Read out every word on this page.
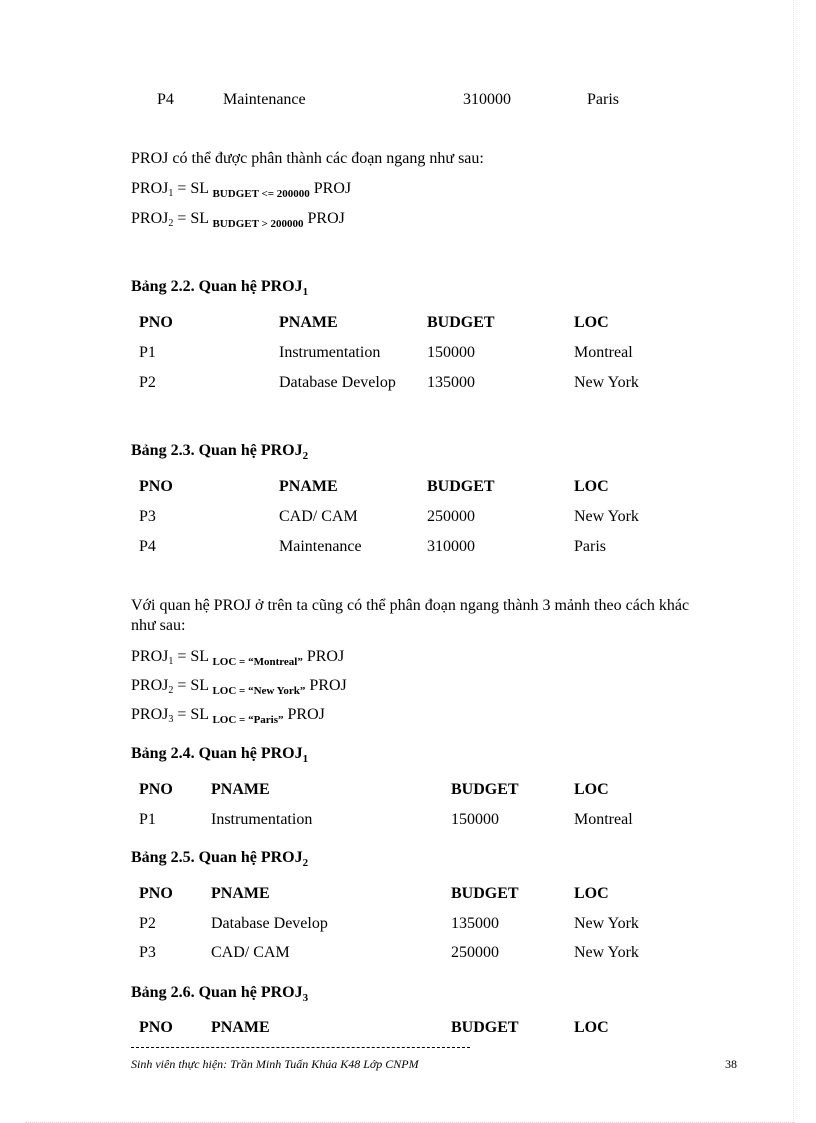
P4	Maintenance	310000	Paris
PROJ có thể được phân thành các đoạn ngang như sau:
$PROJ_1$ = SL $_{BUDGET <= 200000}$ PROJ
$PROJ_2$ = SL $_{BUDGET > 200000}$ PROJ
Bảng 2.2. Quan hệ $PROJ_1$
PNO	PNAME	BUDGET	LOC
P1	Instrumentation	150000	Montreal
P2	Database Develop 135000	New York
Bảng 2.3. Quan hệ $PROJ_2$
PNO	PNAME	BUDGET	LOC
P3	CAD/ CAM	250000	New York
P4	Maintenance	310000	Paris
Với quan hệ PROJ ở trên ta cũng có thể phân đoạn ngang thành 3 mảnh theo cách khác
như sau:
$PROJ_1$ = SL $_{LOC = “Montreal”}$ PROJ
$PROJ_2$ = SL $_{LOC = “New York”}$ PROJ
$PROJ_3$ = SL $_{LOC = “Paris”}$ PROJ
Bảng 2.4. Quan hệ $PROJ_1$
PNO PNAME	BUDGET	LOC
P1	Instrumentation	150000	Montreal
Bảng 2.5. Quan hệ $PROJ_2$
PNO PNAME	BUDGET	LOC
P2	Database Develop	135000	New York
P3	CAD/ CAM	250000	New York
Bảng 2.6. Quan hệ $PROJ_3$
PNO PNAME	BUDGET	LOC
Sinh viên thực hiện: Trần Minh Tuấn Khúa K48 Lớp CNPM	38
